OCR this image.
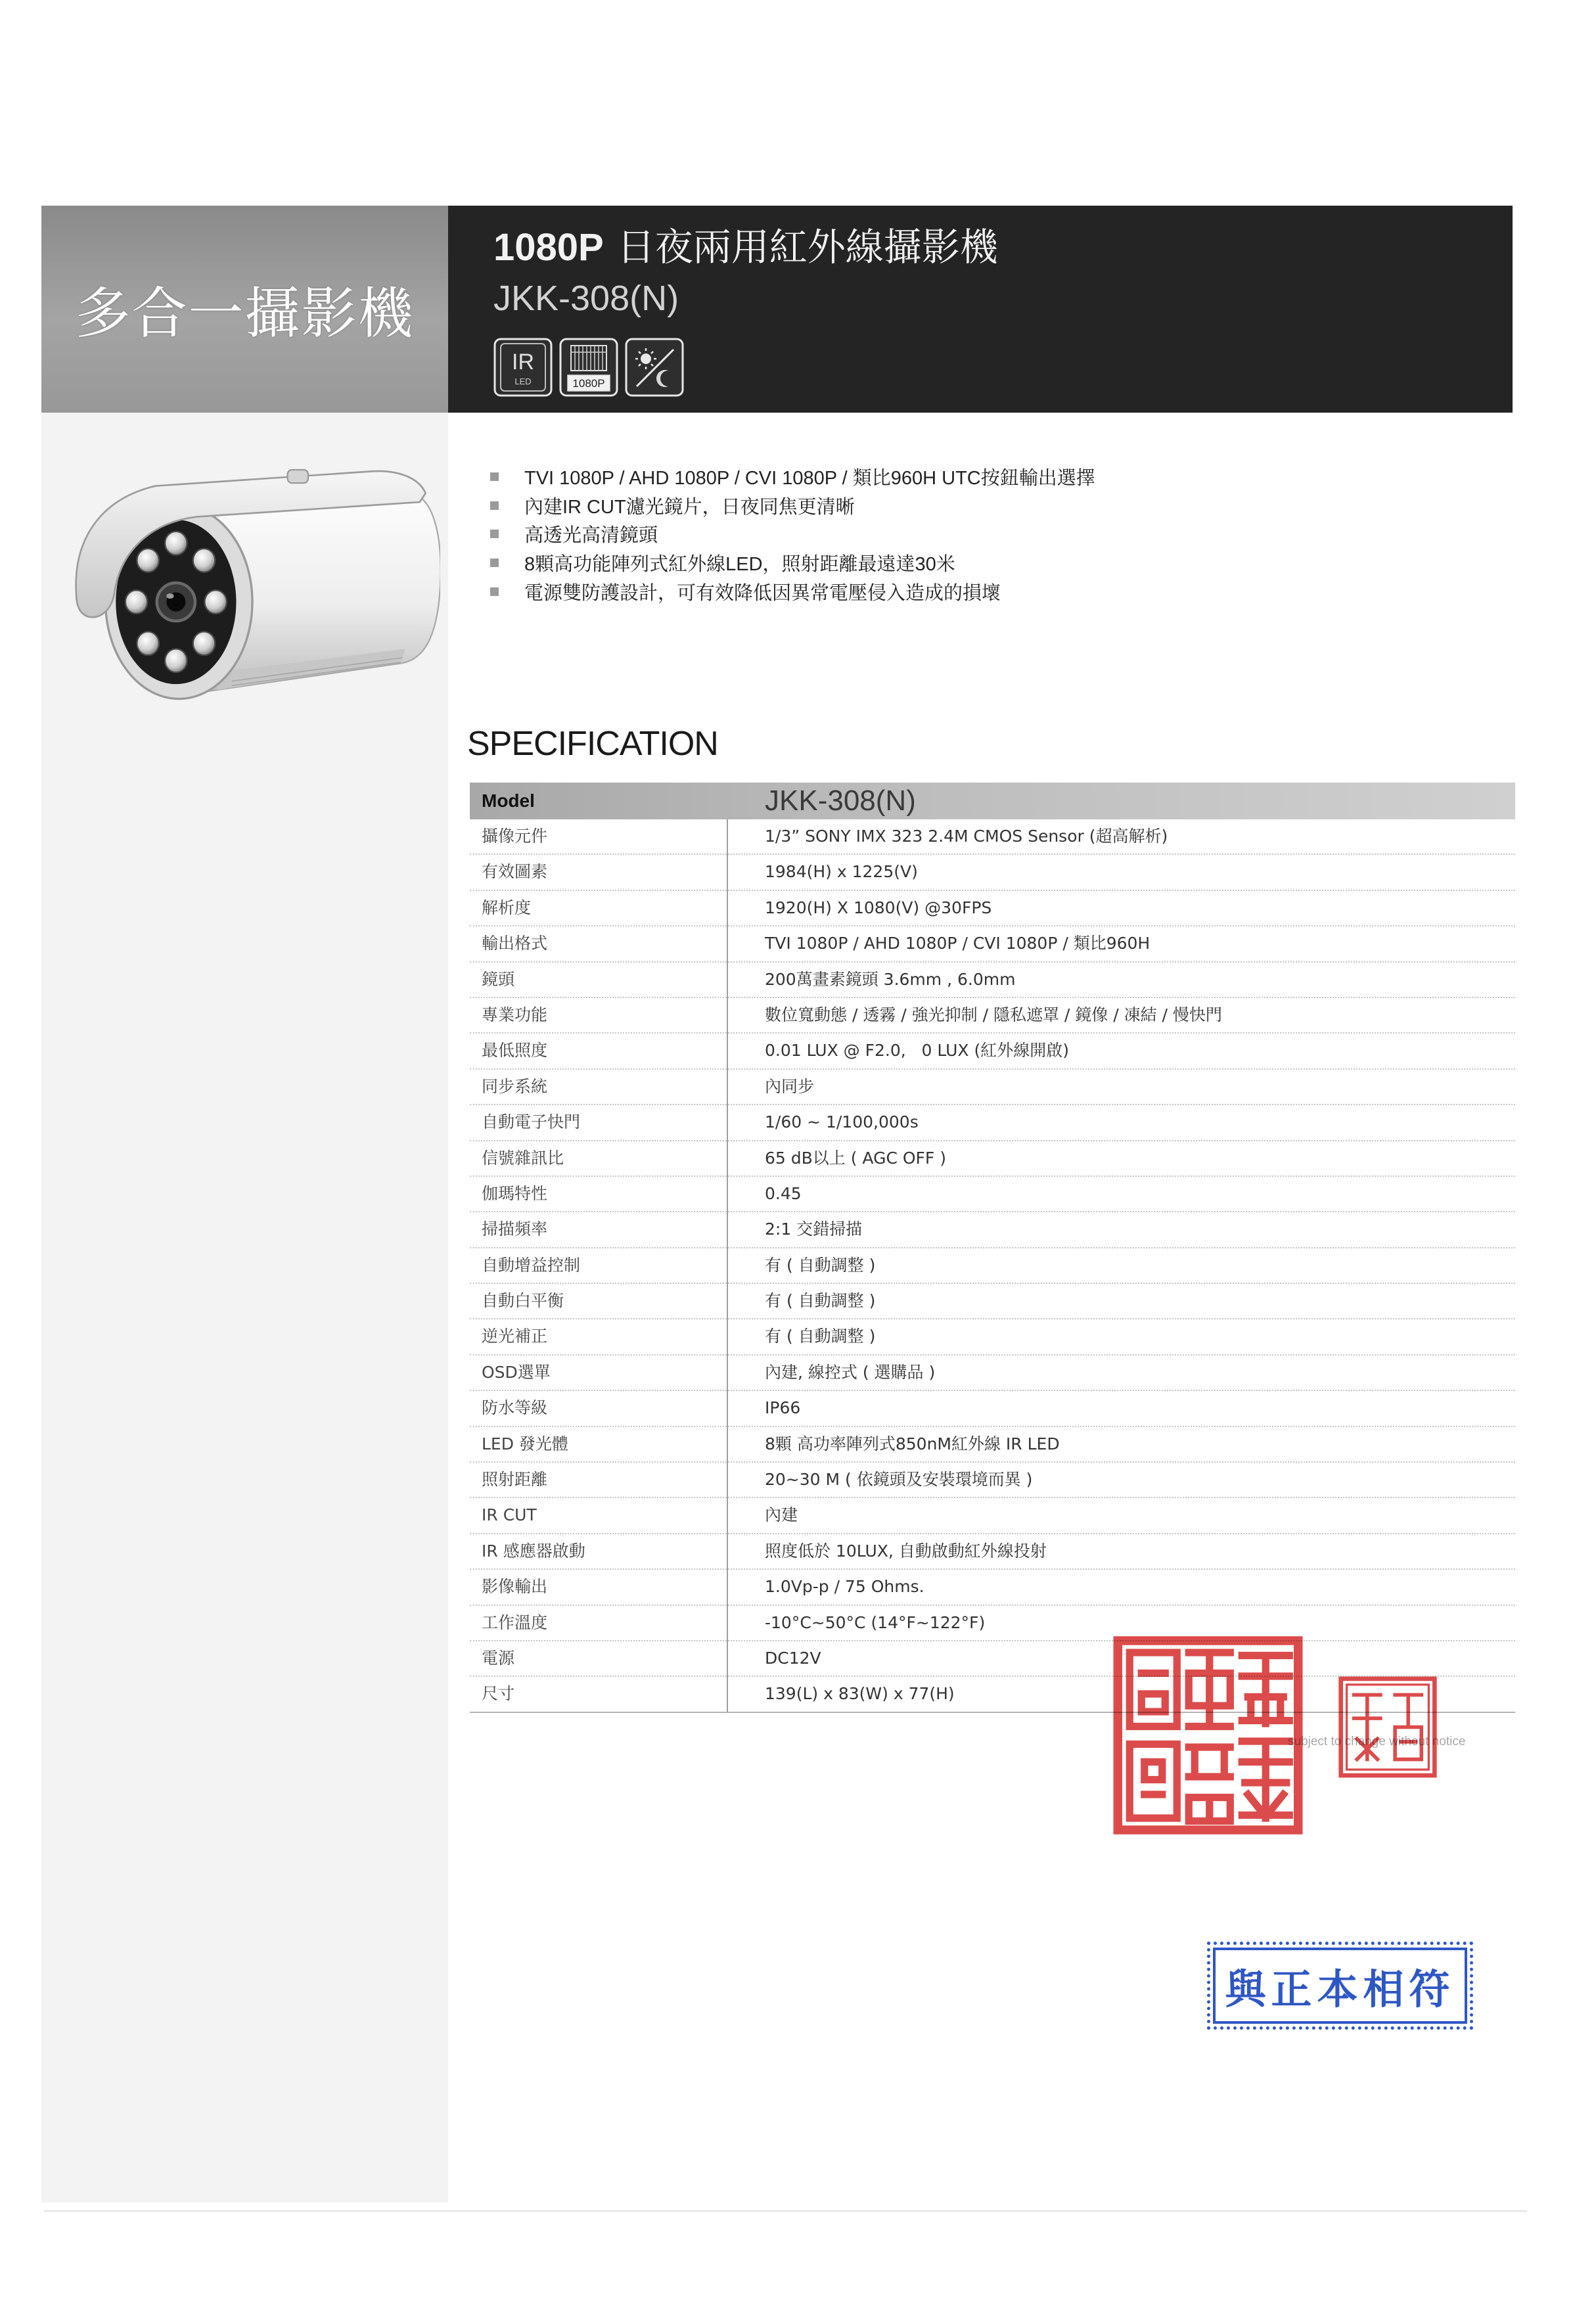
多合一攝影機
1080P 日夜兩用紅外線攝影機
JKK-308(N)
IR
LED	1080P
TVI 1080P / AHD 1080P / CVI 1080P / 類比960H UTC按鈕輸出選擇
內建IR CUT濾光鏡片，日夜同焦更清晰
高透光高清鏡頭
8顆高功能陣列式紅外線LED，照射距離最遠達30米
電源雙防護設計，可有效降低因異常電壓侵入造成的損壞
SPECIFICATION
Model	JKK-308(N)
攝像元件	1/3” SONY IMX 323 2.4M CMOS Sensor (超高解析)
有效圖素	1984(H) x 1225(V)
解析度	1920(H) X 1080(V) @30FPS
輸出格式	TVI 1080P / AHD 1080P / CVI 1080P / 類比960H
鏡頭	200萬畫素鏡頭 3.6mm , 6.0mm
專業功能	數位寬動態 / 透霧 / 強光抑制 / 隱私遮罩 / 鏡像 / 凍結 / 慢快門
最低照度	0.01 LUX @ F2.0,   0 LUX (紅外線開啟)
同步系統	內同步
自動電子快門	1/60 ~ 1/100,000s
信號雜訊比	65 dB以上 ( AGC OFF )
伽瑪特性	0.45
掃描頻率	2:1 交錯掃描
自動增益控制	有 ( 自動調整 )
自動白平衡	有 ( 自動調整 )
逆光補正	有 ( 自動調整 )
OSD選單	內建, 線控式 ( 選購品 )
防水等級	IP66
LED 發光體	8顆 高功率陣列式850nM紅外線 IR LED
照射距離	20~30 M ( 依鏡頭及安裝環境而異 )
IR CUT	內建
IR 感應器啟動	照度低於 10LUX, 自動啟動紅外線投射
影像輸出	1.0Vp-p / 75 Ohms.
工作溫度	-10°C~50°C (14°F~122°F)
電源	DC12V
尺寸	139(L) x 83(W) x 77(H)
subject to change without notice
與正本相符
